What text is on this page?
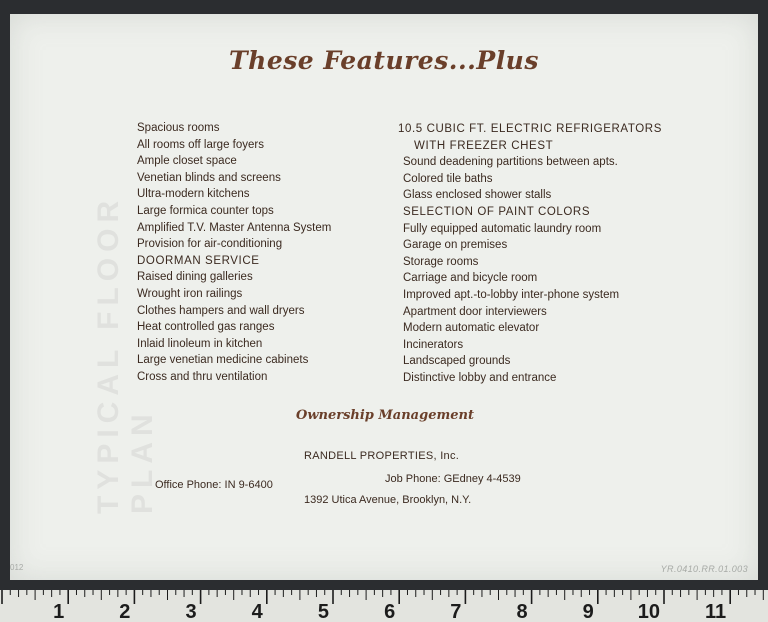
TYPICAL FLOOR PLAN
These Features...Plus
Spacious rooms
All rooms off large foyers
Ample closet space
Venetian blinds and screens
Ultra-modern kitchens
Large formica counter tops
Amplified T.V. Master Antenna System
Provision for air-conditioning
DOORMAN SERVICE
Raised dining galleries
Wrought iron railings
Clothes hampers and wall dryers
Heat controlled gas ranges
Inlaid linoleum in kitchen
Large venetian medicine cabinets
Cross and thru ventilation
10.5 CUBIC FT. ELECTRIC REFRIGERATORS
WITH FREEZER CHEST
Sound deadening partitions between apts.
Colored tile baths
Glass enclosed shower stalls
SELECTION OF PAINT COLORS
Fully equipped automatic laundry room
Garage on premises
Storage rooms
Carriage and bicycle room
Improved apt.-to-lobby inter-phone system
Apartment door interviewers
Modern automatic elevator
Incinerators
Landscaped grounds
Distinctive lobby and entrance
Ownership Management
RANDELL PROPERTIES, Inc.
Office Phone: IN 9-6400	Job Phone: GEdney 4-4539
1392 Utica Avenue, Brooklyn, N.Y.
YR.0410.RR.01.003
012
1	2	3	4	5	6	7	8	9 10 11
